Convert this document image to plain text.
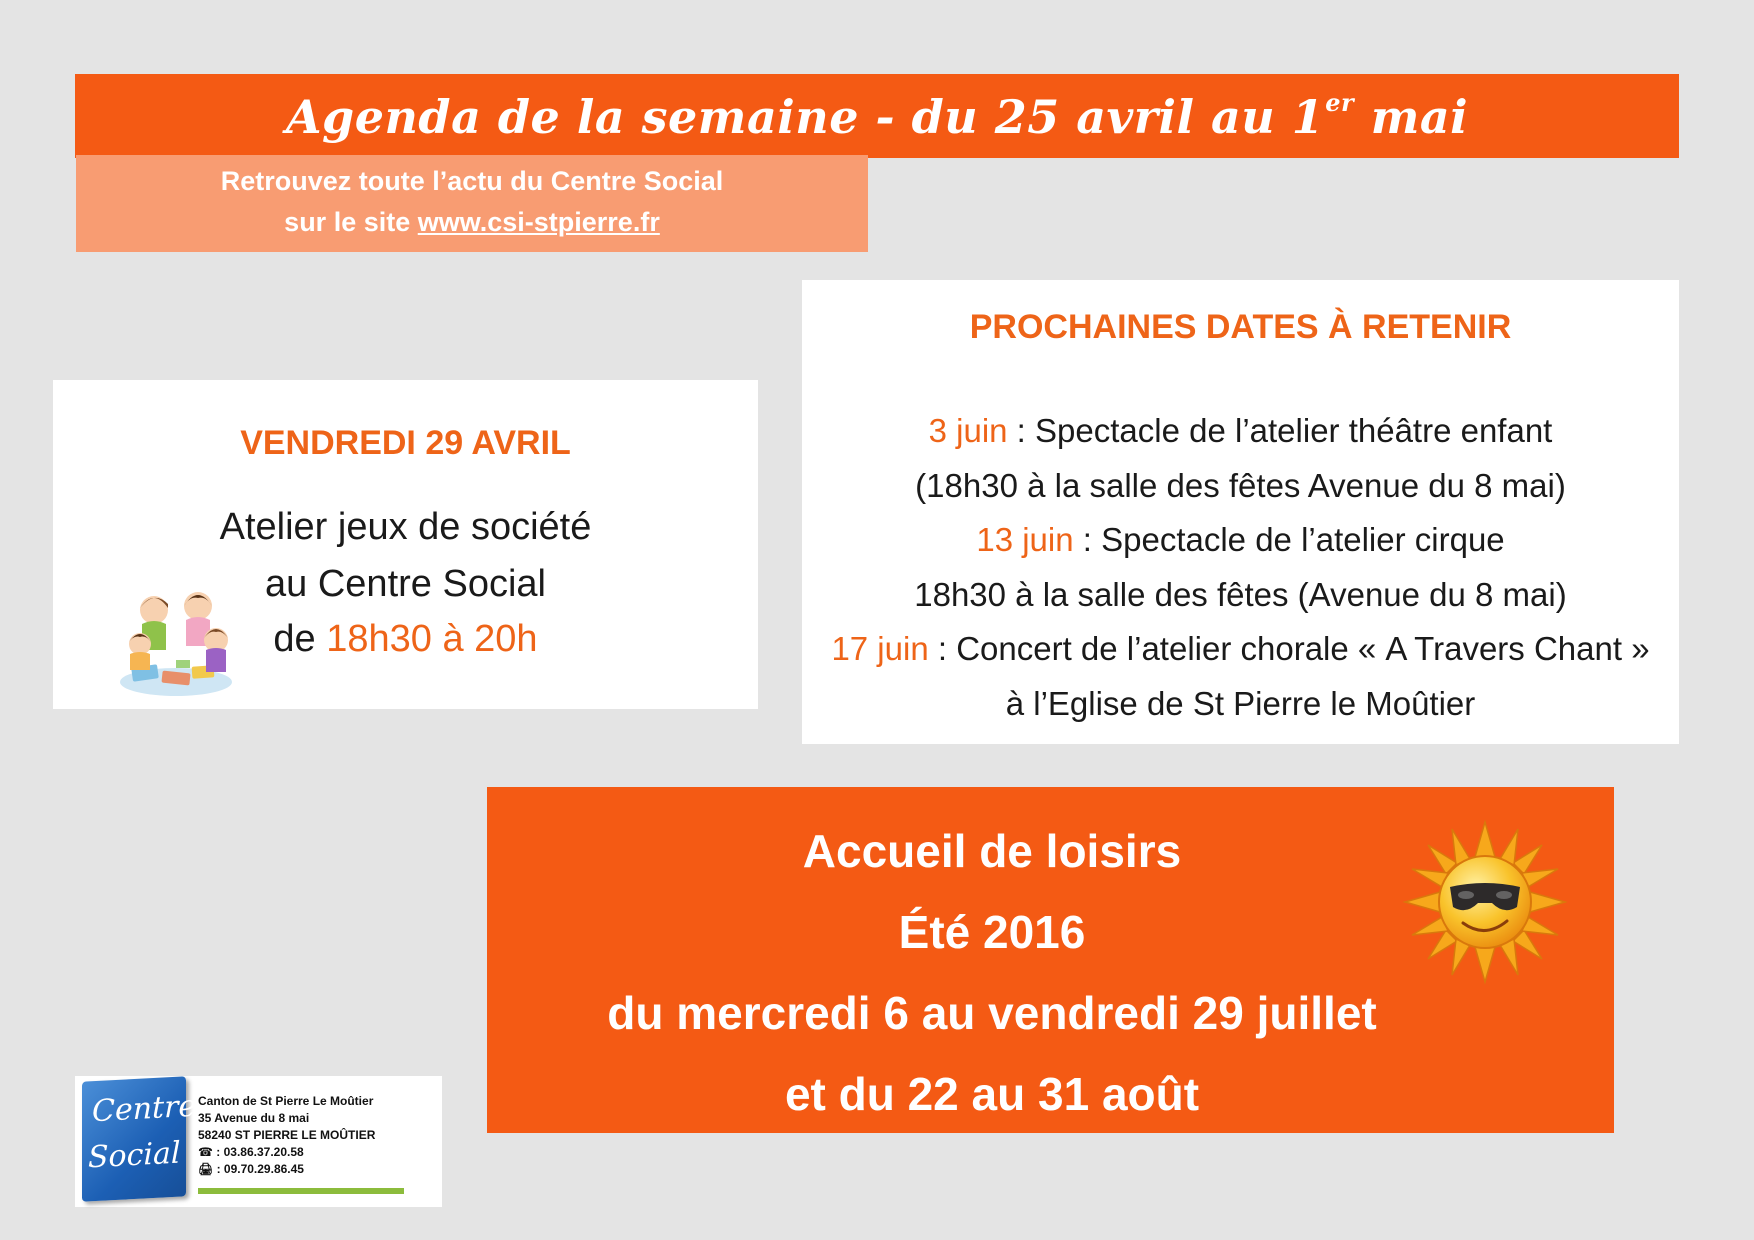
Agenda de la semaine - du 25 avril au 1er mai
Retrouvez toute l’actu du Centre Social
sur le site www.csi-stpierre.fr
VENDREDI 29 AVRIL
Atelier jeux de société
au Centre Social
de 18h30 à 20h
PROCHAINES DATES À RETENIR
3 juin : Spectacle de l’atelier théâtre enfant
(18h30 à la salle des fêtes Avenue du 8 mai)
13 juin : Spectacle de l’atelier cirque
18h30 à la salle des fêtes (Avenue du 8 mai)
17 juin : Concert de l’atelier chorale « A Travers Chant »
à l’Eglise de St Pierre le Moûtier
Accueil de loisirs
Été 2016
du mercredi 6 au vendredi 29 juillet
et du 22 au 31 août
Centre
Social
Canton de St Pierre Le Moûtier
35 Avenue du 8 mai
58240 ST PIERRE LE MOÛTIER
☎ : 03.86.37.20.58
🖨 : 09.70.29.86.45
